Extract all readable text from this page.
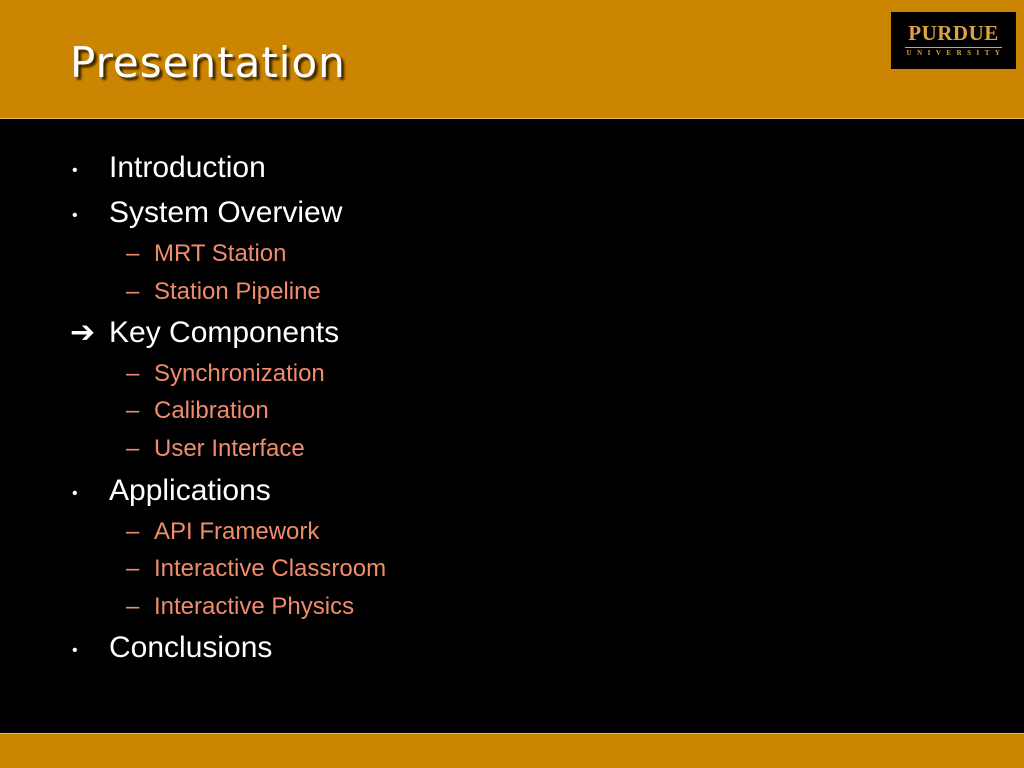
Presentation
PURDUE
UNIVERSITY
• Introduction
• System Overview
– MRT Station
– Station Pipeline
➔ Key Components
– Synchronization
– Calibration
– User Interface
• Applications
– API Framework
– Interactive Classroom
– Interactive Physics
• Conclusions
